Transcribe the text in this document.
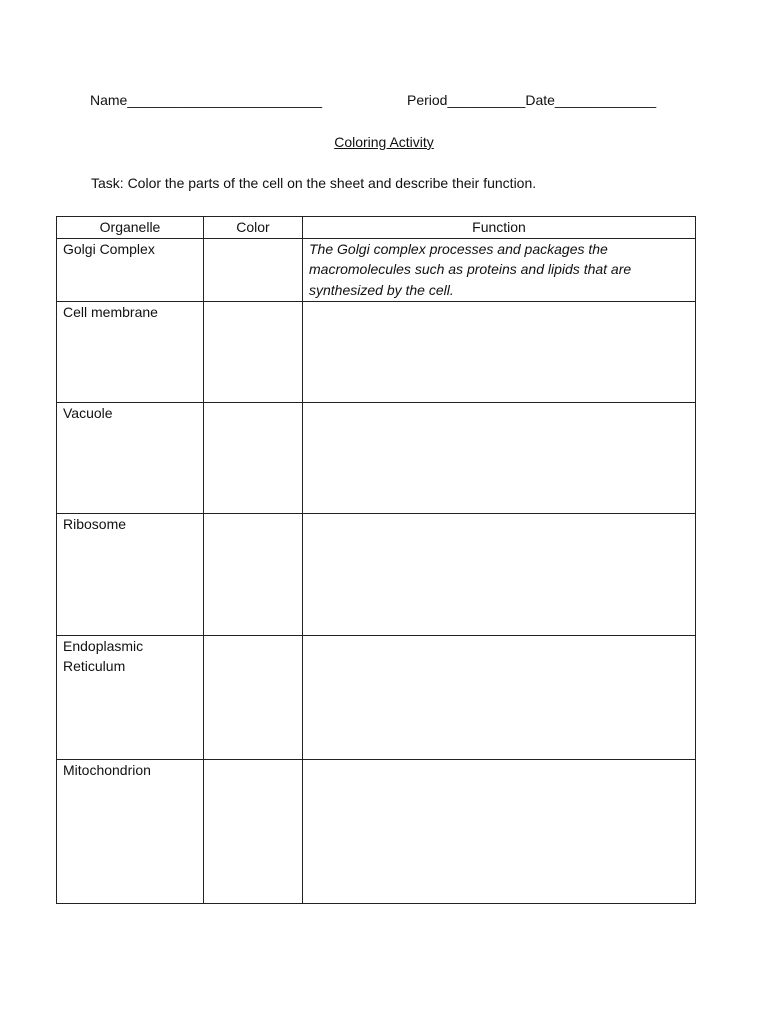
Name_________________________	Period__________Date_____________
Coloring Activity
Task: Color the parts of the cell on the sheet and describe their function.
Organelle	Color	Function
Golgi Complex		The Golgi complex processes and packages the macromolecules such as proteins and lipids that are synthesized by the cell.
Cell membrane		
Vacuole		
Ribosome		
Endoplasmic Reticulum		
Mitochondrion		
